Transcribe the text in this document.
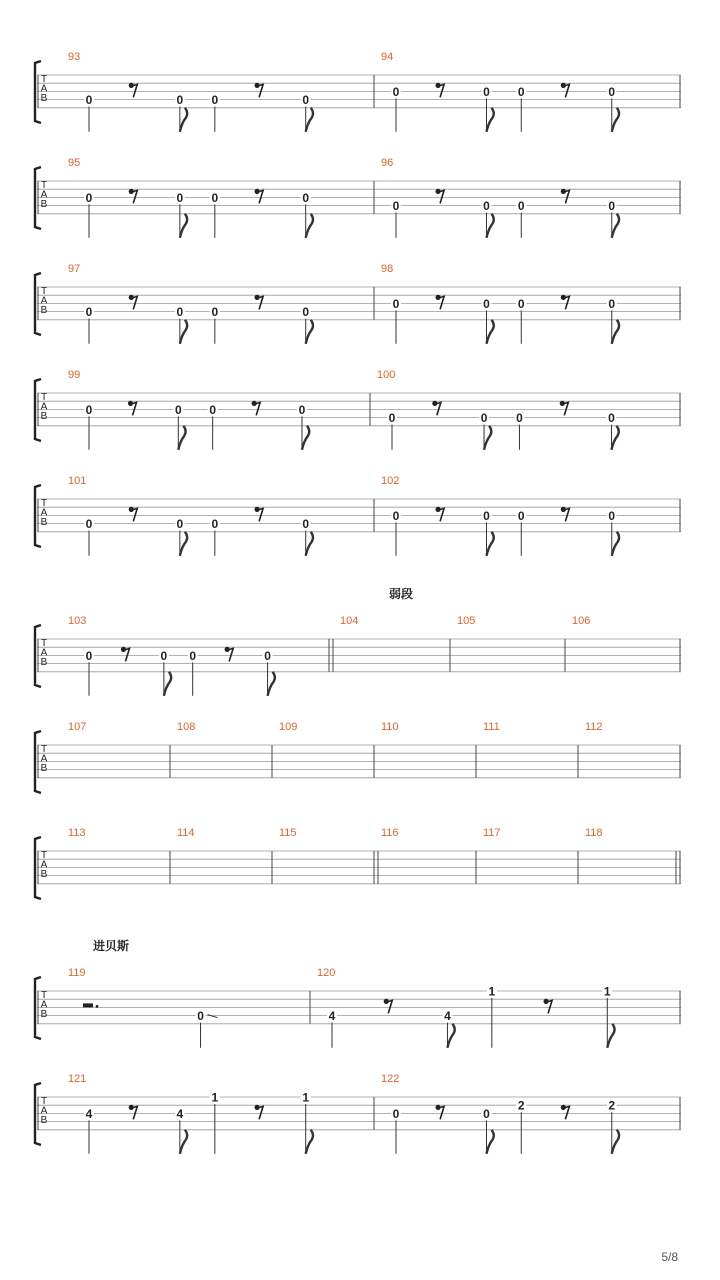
T
A
B	0	0 0	0
0	0 0	0
93	94
T
A
B	0	0 0	0
0	0 0	0
95	96
T
A
B	0	0 0	0
0	0 0	0
97	98
T
A
B	0	0 0	0
0	0 0	0
99	100
T
A
B	0	0 0	0
0	0 0	0
101	102
弱段
T
A
B	0	0 0	0
103	104	105	106
T
A
B
107	108	109	110	111	112
T
A
B
113	114	115	116	117	118
进贝斯
T
A
B	0	4	4
1	1
119	120
T
A
B	4	4
1	1
0	0
2	2
121	122
5/8
